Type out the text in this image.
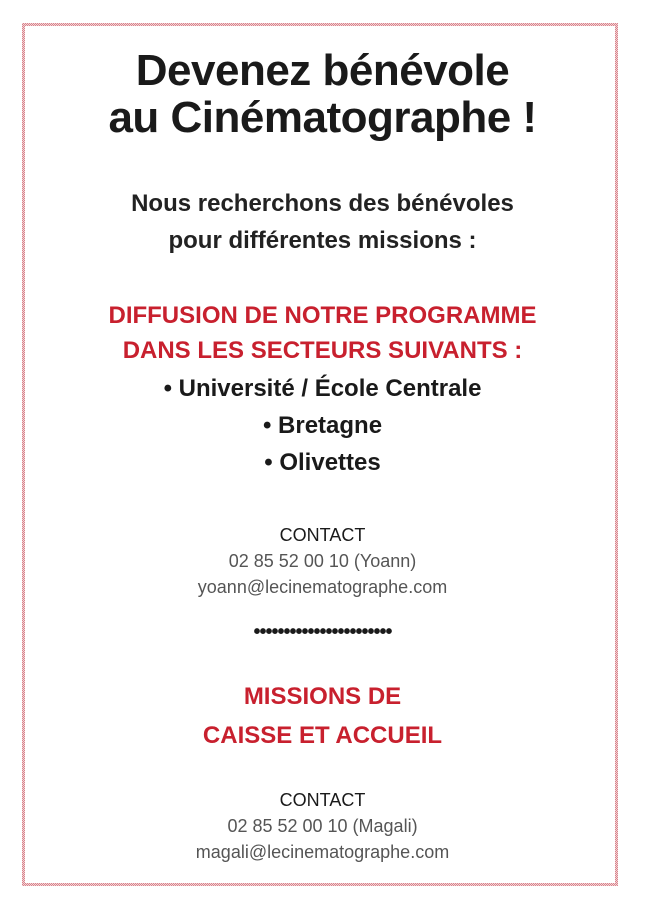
Devenez bénévole
au Cinématographe !
Nous recherchons des bénévoles
pour différentes missions :
DIFFUSION DE NOTRE PROGRAMME
DANS LES SECTEURS SUIVANTS :
• Université / École Centrale
• Bretagne
• Olivettes
CONTACT
02 85 52 00 10 (Yoann)
yoann@lecinematographe.com
•••••••••••••••••••••••
MISSIONS DE
CAISSE ET ACCUEIL
CONTACT
02 85 52 00 10 (Magali)
magali@lecinematographe.com
